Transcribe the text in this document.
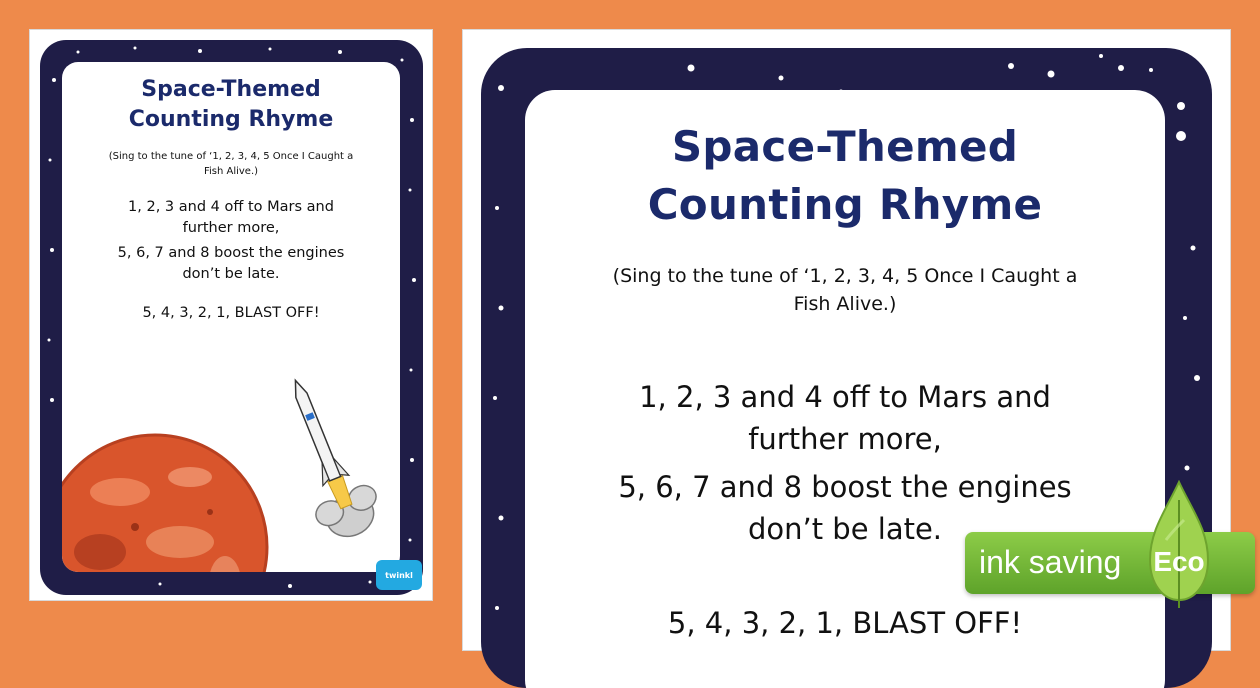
Space-Themed
Counting Rhyme
(Sing to the tune of ‘1, 2, 3, 4, 5 Once I Caught a
Fish Alive.)
1, 2, 3 and 4 off to Mars and
further more,
5, 6, 7 and 8 boost the engines
don’t be late.
5, 4, 3, 2, 1, BLAST OFF!
twinkl
Space-Themed
Counting Rhyme
(Sing to the tune of ‘1, 2, 3, 4, 5 Once I Caught a
Fish Alive.)
1, 2, 3 and 4 off to Mars and
further more,
5, 6, 7 and 8 boost the engines
don’t be late.
5, 4, 3, 2, 1, BLAST OFF!
ink saving Eco
